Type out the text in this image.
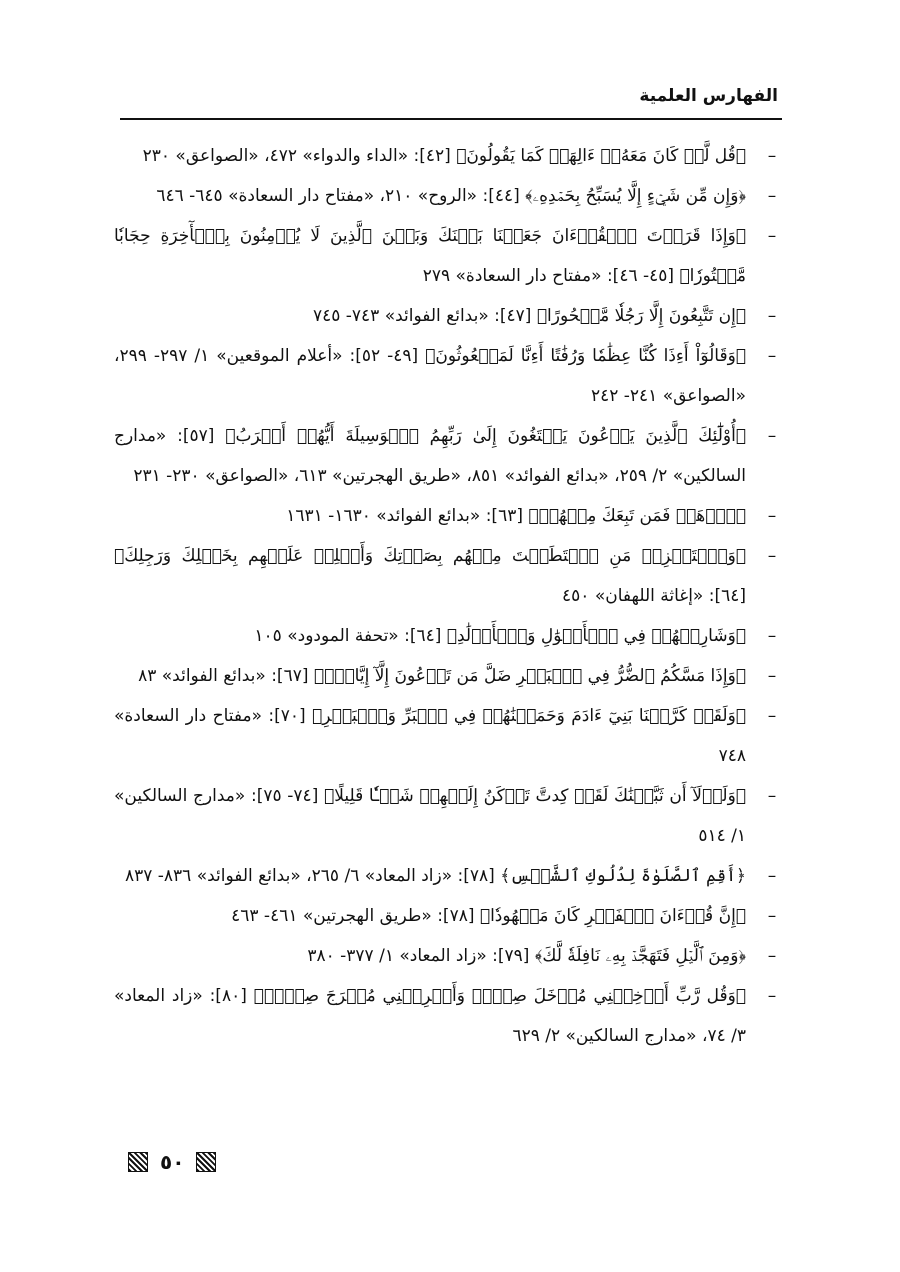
الفهارس العلمية
–
﴿قُل لَّوۡ كَانَ مَعَهُۥٓ ءَالِهَةٞ كَمَا يَقُولُونَ﴾ [٤٢]: «الداء والدواء» ٤٧٢، «الصواعق» ٢٣٠
–
﴿وَإِن مِّن شَيۡءٍ إِلَّا يُسَبِّحُ بِحَمۡدِهِۦ﴾ [٤٤]: «الروح» ٢١٠، «مفتاح دار السعادة» ٦٤٥- ٦٤٦
–
﴿وَإِذَا قَرَأۡتَ ٱلۡقُرۡءَانَ جَعَلۡنَا بَيۡنَكَ وَبَيۡنَ ٱلَّذِينَ لَا يُؤۡمِنُونَ بِٱلۡأٓخِرَةِ حِجَابٗا مَّسۡتُورٗا﴾ [٤٥- ٤٦]: «مفتاح دار السعادة» ٢٧٩
–
﴿إِن تَتَّبِعُونَ إِلَّا رَجُلٗا مَّسۡحُورًا﴾ [٤٧]: «بدائع الفوائد» ٧٤٣- ٧٤٥
–
﴿وَقَالُوٓاْ أَءِذَا كُنَّا عِظَٰمٗا وَرُفَٰتًا أَءِنَّا لَمَبۡعُوثُونَ﴾ [٤٩- ٥٢]: «أعلام الموقعين» ١/ ٢٩٧- ٢٩٩، «الصواعق» ٢٤١- ٢٤٢
–
﴿أُوْلَٰٓئِكَ ٱلَّذِينَ يَدۡعُونَ يَبۡتَغُونَ إِلَىٰ رَبِّهِمُ ٱلۡوَسِيلَةَ أَيُّهُمۡ أَقۡرَبُ﴾ [٥٧]: «مدارج السالكين» ٢/ ٢٥٩، «بدائع الفوائد» ٨٥١، «طريق الهجرتين» ٦١٣، «الصواعق» ٢٣٠- ٢٣١
–
﴿ٱذۡهَبۡ فَمَن تَبِعَكَ مِنۡهُمۡ﴾ [٦٣]: «بدائع الفوائد» ١٦٣٠- ١٦٣١
–
﴿وَٱسۡتَفۡزِزۡ مَنِ ٱسۡتَطَعۡتَ مِنۡهُم بِصَوۡتِكَ وَأَجۡلِبۡ عَلَيۡهِم بِخَيۡلِكَ وَرَجِلِكَ﴾ [٦٤]: «إغاثة اللهفان» ٤٥٠
–
﴿وَشَارِكۡهُمۡ فِي ٱلۡأَمۡوَٰلِ وَٱلۡأَوۡلَٰدِ﴾ [٦٤]: «تحفة المودود» ١٠٥
–
﴿وَإِذَا مَسَّكُمُ ٱلضُّرُّ فِي ٱلۡبَحۡرِ ضَلَّ مَن تَدۡعُونَ إِلَّآ إِيَّاهُۖ﴾ [٦٧]: «بدائع الفوائد» ٨٣
–
﴿وَلَقَدۡ كَرَّمۡنَا بَنِيٓ ءَادَمَ وَحَمَلۡنَٰهُمۡ فِي ٱلۡبَرِّ وَٱلۡبَحۡرِ﴾ [٧٠]: «مفتاح دار السعادة» ٧٤٨
–
﴿وَلَوۡلَآ أَن ثَبَّتۡنَٰكَ لَقَدۡ كِدتَّ تَرۡكَنُ إِلَيۡهِمۡ شَيۡـٔٗا قَلِيلًا﴾ [٧٤- ٧٥]: «مدارج السالكين» ١/ ٥١٤
–
﴿أَقِمِ ٱلصَّلَوٰةَ لِدُلُوكِ ٱلشَّمۡسِ﴾ [٧٨]: «زاد المعاد» ٦/ ٢٦٥، «بدائع الفوائد» ٨٣٦- ٨٣٧
–
﴿إِنَّ قُرۡءَانَ ٱلۡفَجۡرِ كَانَ مَشۡهُودٗا﴾ [٧٨]: «طريق الهجرتين» ٤٦١- ٤٦٣
–
﴿وَمِنَ ٱلَّيۡلِ فَتَهَجَّدۡ بِهِۦ نَافِلَةٗ لَّكَ﴾ [٧٩]: «زاد المعاد» ١/ ٣٧٧- ٣٨٠
–
﴿وَقُل رَّبِّ أَدۡخِلۡنِي مُدۡخَلَ صِدۡقٖ وَأَخۡرِجۡنِي مُخۡرَجَ صِدۡقٖ﴾ [٨٠]: «زاد المعاد» ٣/ ٧٤، «مدارج السالكين» ٢/ ٦٢٩
٥٠
